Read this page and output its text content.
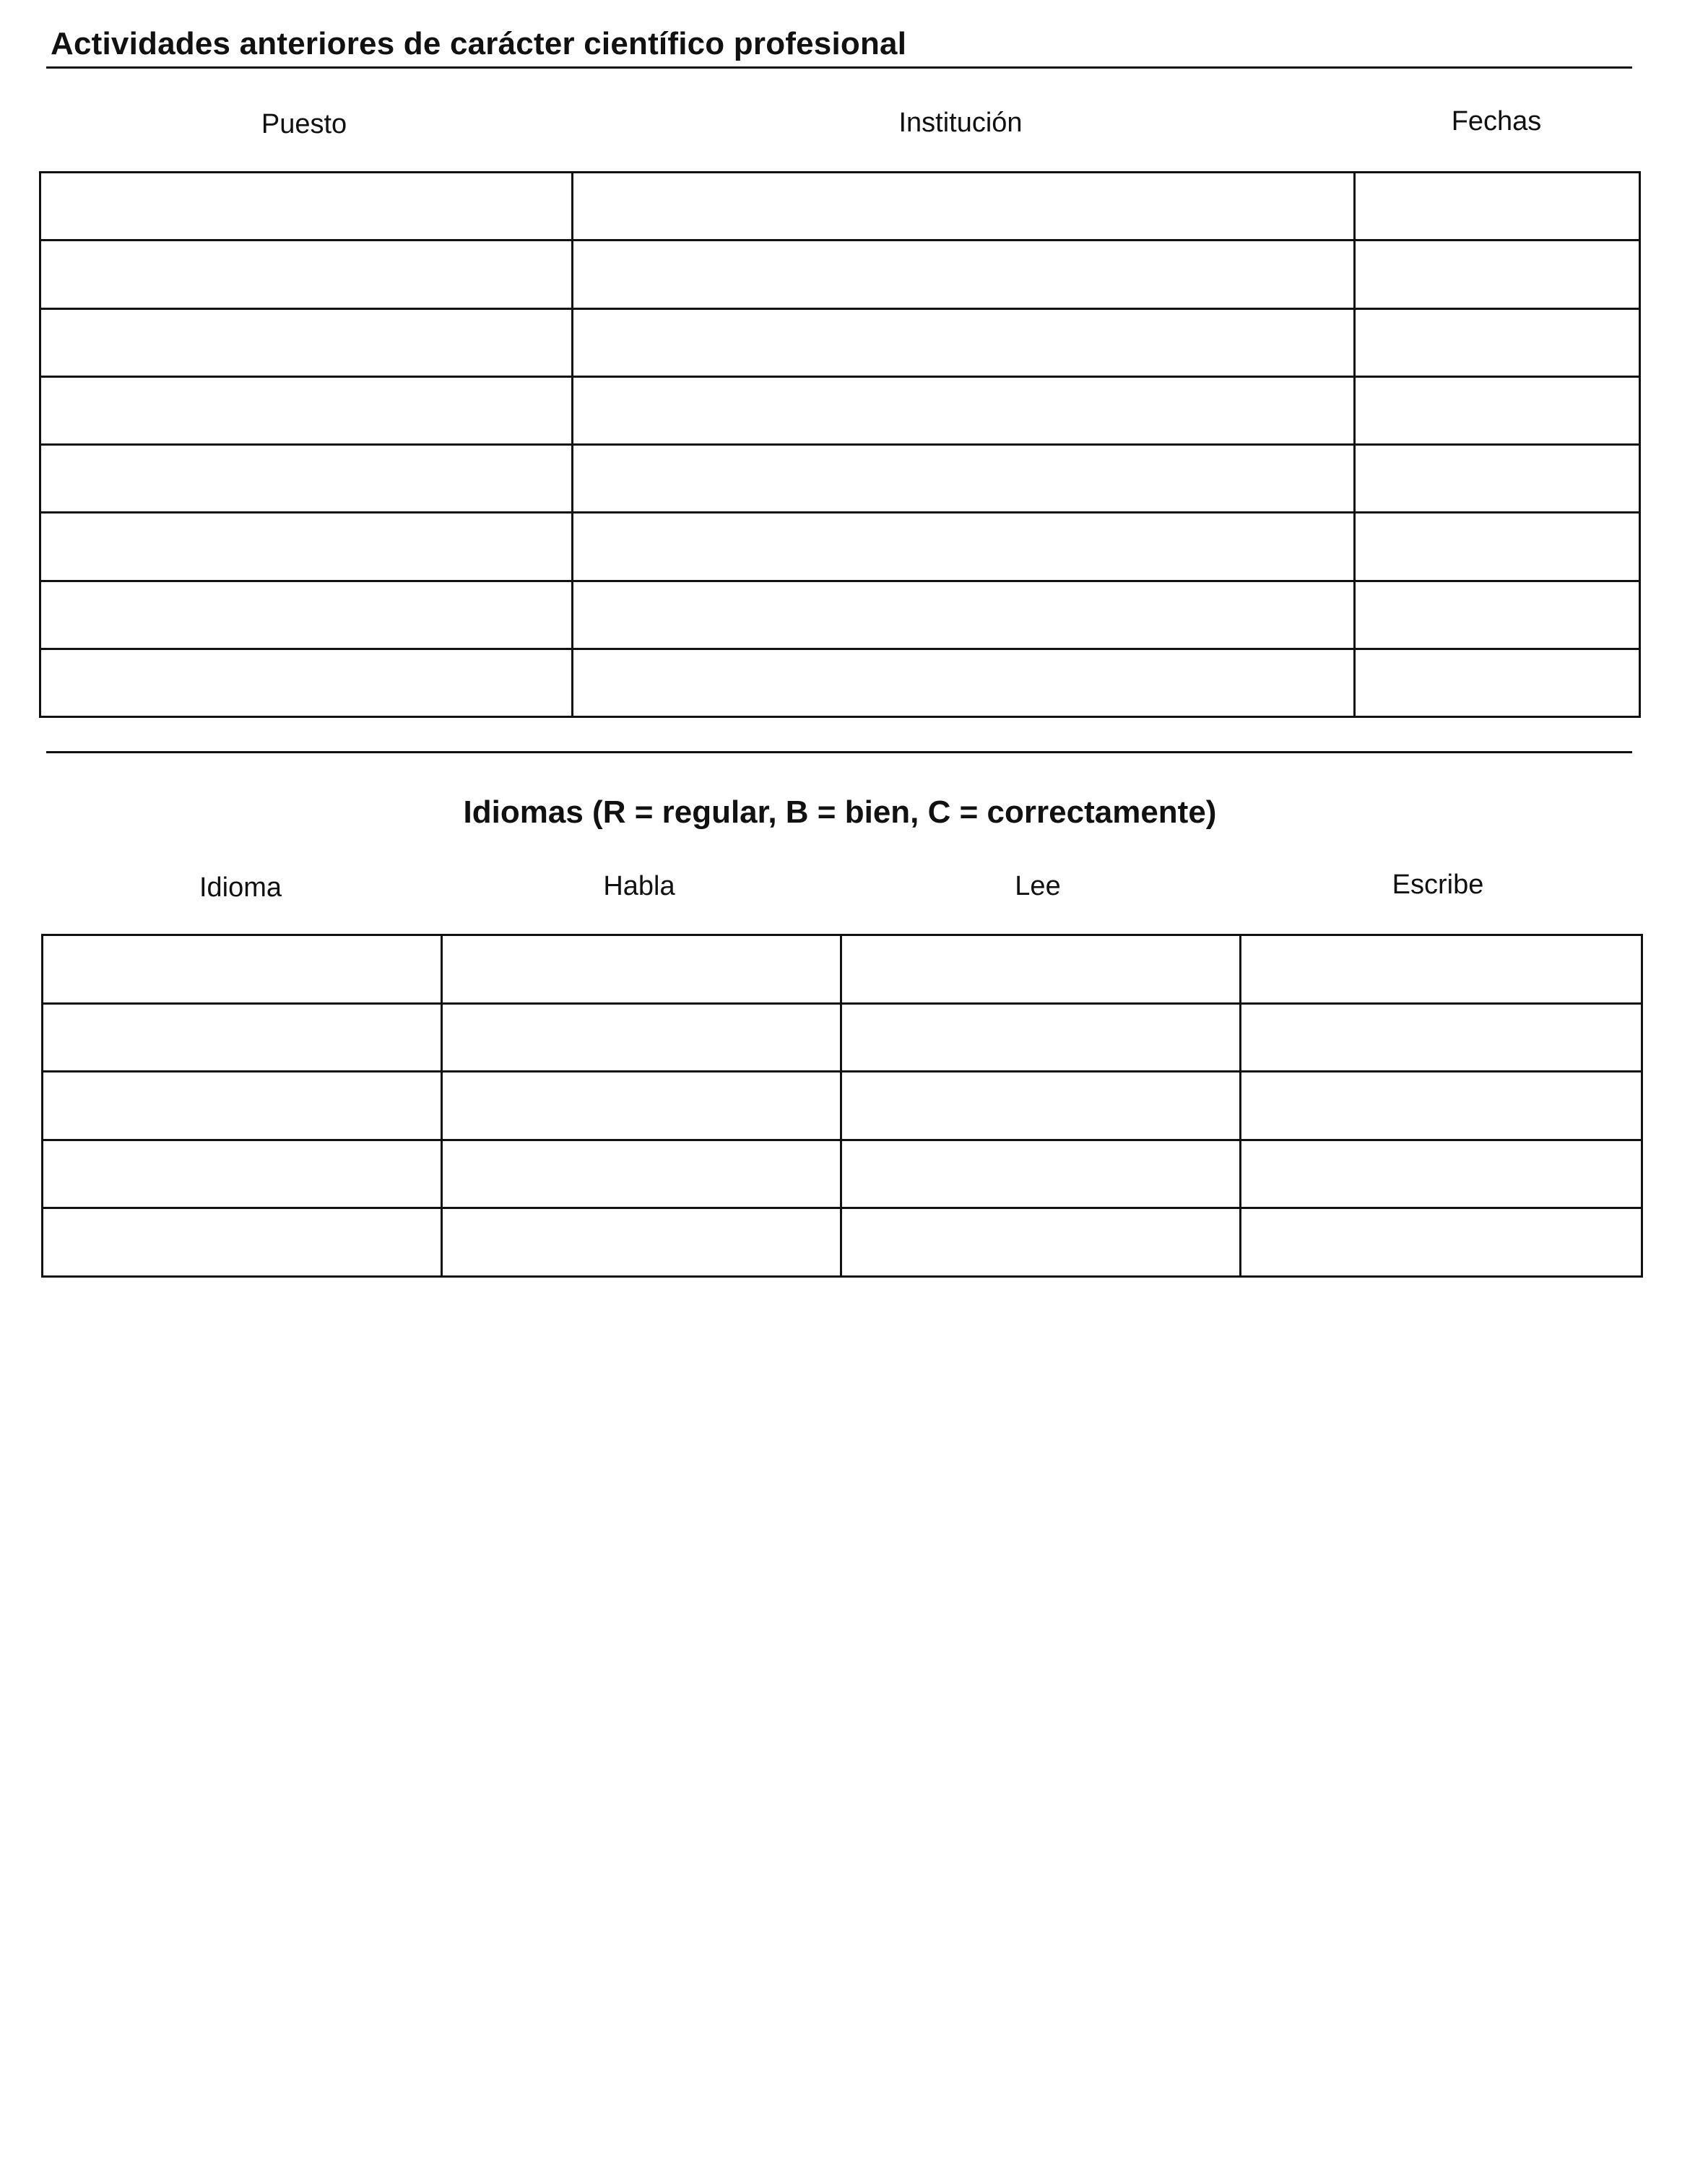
Actividades anteriores de carácter científico profesional
Puesto	Institución	Fechas

Idiomas (R = regular, B = bien, C = correctamente)
Idioma	Habla	Lee	Escribe
